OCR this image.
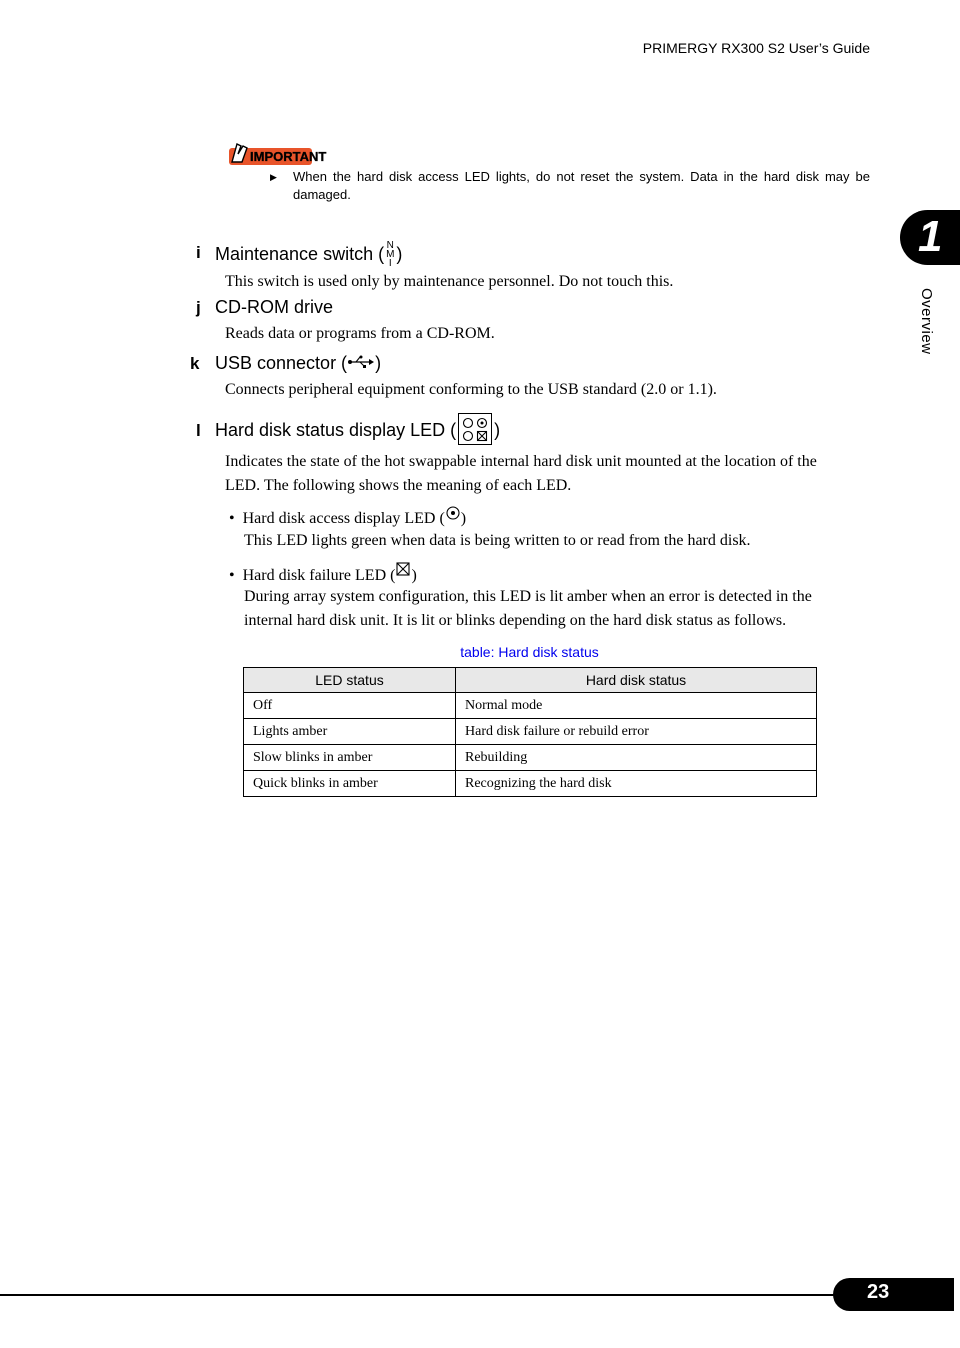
PRIMERGY RX300 S2 User’s Guide
1
Overview
IMPORTANT
▶ When the hard disk access LED lights, do not reset the system. Data in the hard disk may be damaged.
i Maintenance switch ( N
M
I )
This switch is used only by maintenance personnel. Do not touch this.
j CD-ROM drive
Reads data or programs from a CD-ROM.
k USB connector ( )
Connects peripheral equipment conforming to the USB standard (2.0 or 1.1).
l Hard disk status display LED ( )
Indicates the state of the hot swappable internal hard disk unit mounted at the location of the
LED. The following shows the meaning of each LED.
•  Hard disk access display LED ( )
This LED lights green when data is being written to or read from the hard disk.
•  Hard disk failure LED ( )
During array system configuration, this LED is lit amber when an error is detected in the
internal hard disk unit. It is lit or blinks depending on the hard disk status as follows.
table: Hard disk status
LED status	Hard disk status
Off	Normal mode
Lights amber	Hard disk failure or rebuild error
Slow blinks in amber	Rebuilding
Quick blinks in amber	Recognizing the hard disk
23
